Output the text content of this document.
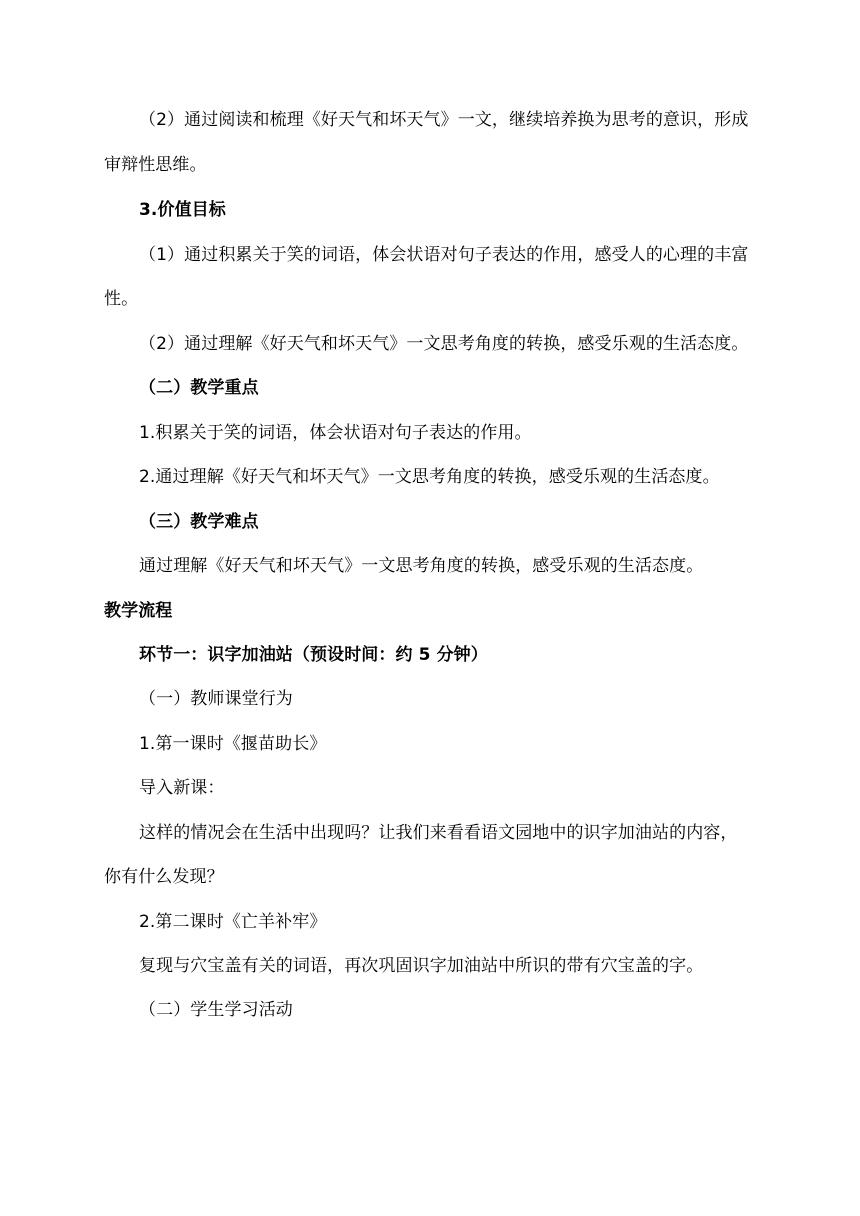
（2）通过阅读和梳理《好天气和坏天气》一文，继续培养换为思考的意识，形成
审辩性思维。
3.价值目标
（1）通过积累关于笑的词语，体会状语对句子表达的作用，感受人的心理的丰富
性。
（2）通过理解《好天气和坏天气》一文思考角度的转换，感受乐观的生活态度。
（二）教学重点
1.积累关于笑的词语，体会状语对句子表达的作用。
2.通过理解《好天气和坏天气》一文思考角度的转换，感受乐观的生活态度。
（三）教学难点
通过理解《好天气和坏天气》一文思考角度的转换，感受乐观的生活态度。
教学流程
环节一：识字加油站（预设时间：约 5 分钟）
（一）教师课堂行为
1.第一课时《揠苗助长》
导入新课：
这样的情况会在生活中出现吗？让我们来看看语文园地中的识字加油站的内容，
你有什么发现？
2.第二课时《亡羊补牢》
复现与穴宝盖有关的词语，再次巩固识字加油站中所识的带有穴宝盖的字。
（二）学生学习活动
